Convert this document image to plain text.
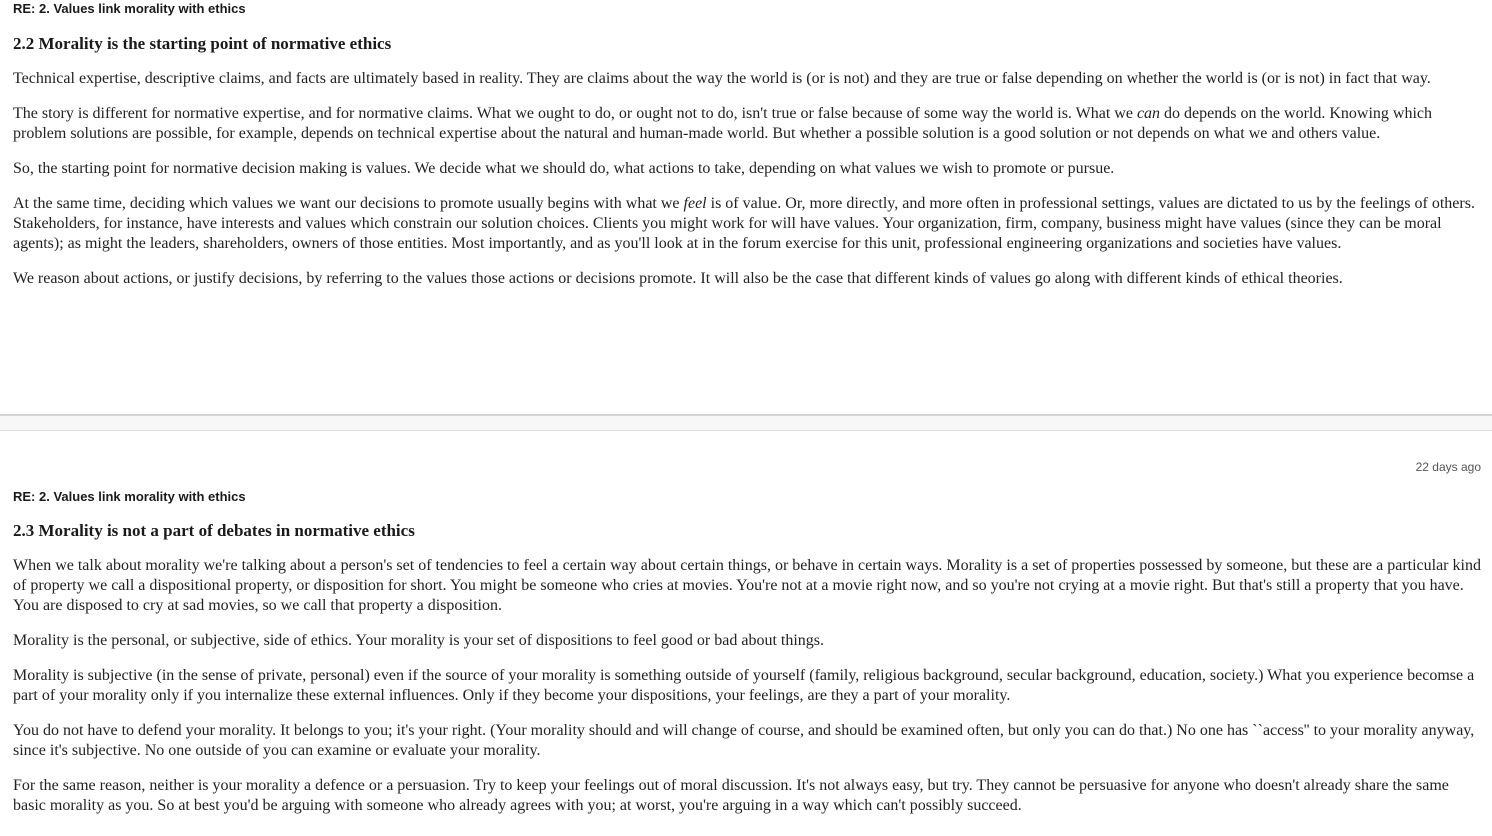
RE: 2. Values link morality with ethics
2.2 Morality is the starting point of normative ethics

Technical expertise, descriptive claims, and facts are ultimately based in reality. They are claims about the way the world is (or is not) and they are true or false depending on whether the world is (or is not) in fact that way.

The story is different for normative expertise, and for normative claims. What we ought to do, or ought not to do, isn't true or false because of some way the world is. What we can do depends on the world. Knowing which problem solutions are possible, for example, depends on technical expertise about the natural and human-made world. But whether a possible solution is a good solution or not depends on what we and others value.

So, the starting point for normative decision making is values. We decide what we should do, what actions to take, depending on what values we wish to promote or pursue.

At the same time, deciding which values we want our decisions to promote usually begins with what we feel is of value. Or, more directly, and more often in professional settings, values are dictated to us by the feelings of others. Stakeholders, for instance, have interests and values which constrain our solution choices. Clients you might work for will have values. Your organization, firm, company, business might have values (since they can be moral agents); as might the leaders, shareholders, owners of those entities. Most importantly, and as you'll look at in the forum exercise for this unit, professional engineering organizations and societies have values.

We reason about actions, or justify decisions, by referring to the values those actions or decisions promote. It will also be the case that different kinds of values go along with different kinds of ethical theories.

22 days ago
RE: 2. Values link morality with ethics
2.3 Morality is not a part of debates in normative ethics

When we talk about morality we're talking about a person's set of tendencies to feel a certain way about certain things, or behave in certain ways. Morality is a set of properties possessed by someone, but these are a particular kind of property we call a dispositional property, or disposition for short. You might be someone who cries at movies. You're not at a movie right now, and so you're not crying at a movie right. But that's still a property that you have. You are disposed to cry at sad movies, so we call that property a disposition.

Morality is the personal, or subjective, side of ethics. Your morality is your set of dispositions to feel good or bad about things.

Morality is subjective (in the sense of private, personal) even if the source of your morality is something outside of yourself (family, religious background, secular background, education, society.) What you experience becomse a part of your morality only if you internalize these external influences. Only if they become your dispositions, your feelings, are they a part of your morality.

You do not have to defend your morality. It belongs to you; it's your right. (Your morality should and will change of course, and should be examined often, but only you can do that.) No one has ``access'' to your morality anyway, since it's subjective. No one outside of you can examine or evaluate your morality.

For the same reason, neither is your morality a defence or a persuasion. Try to keep your feelings out of moral discussion. It's not always easy, but try. They cannot be persuasive for anyone who doesn't already share the same basic morality as you. So at best you'd be arguing with someone who already agrees with you; at worst, you're arguing in a way which can't possibly succeed.
